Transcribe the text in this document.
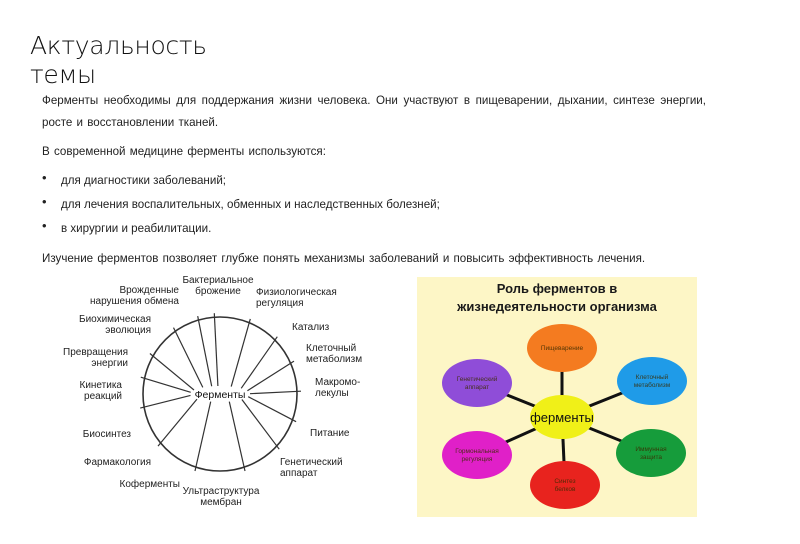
Актуальность
темы
Ферменты необходимы для поддержания жизни человека. Они участвуют в пищеварении, дыхании, синтезе энергии, росте и восстановлении тканей.
В современной медицине ферменты используются:
• для диагностики заболеваний;
• для лечения воспалительных, обменных и наследственных болезней;
• в хирургии и реабилитации.
Изучение ферментов позволяет глубже понять механизмы заболеваний и повысить эффективность лечения.
Бактериальное брожение	Физиологическая регуляция
Катализ
Клеточный метаболизм
Макромо-лекулы
Питание
Генетический аппарат
Ультраструктура мембран
Коферменты
Фармакология
Биосинтез
Кинетика реакций
Превращения энергии
Биохимическая эволюция
Врожденные нарушения обмена
Ферменты
Роль ферментов в жизнедеятельности организма
Пищеварение
Клеточный метаболизм
Иммунная защита
Синтез белков
Гормональная регуляция
Генетический аппарат
ферменты
